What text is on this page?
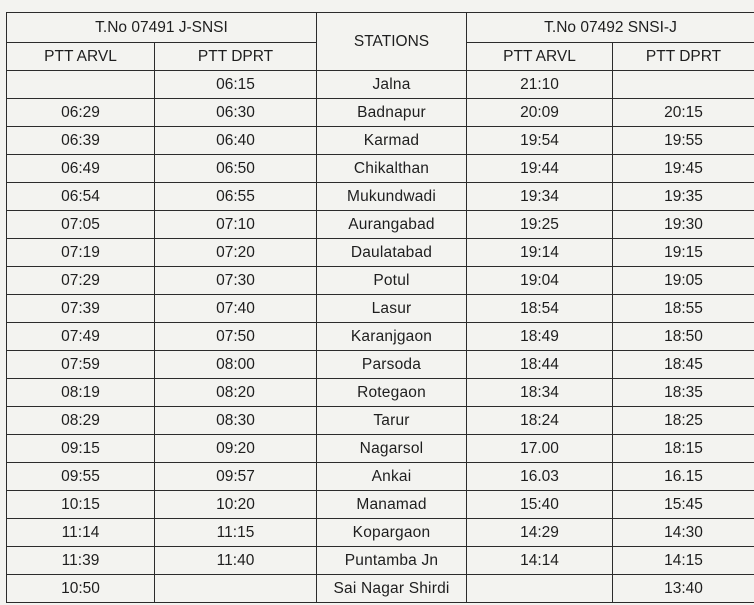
T.No 07491 J-SNSI		STATIONS	T.No 07492 SNSI-J	
PTT ARVL	PTT DPRT		PTT ARVL	PTT DPRT
	06:15	Jalna	21:10	
06:29	06:30	Badnapur	20:09	20:15
06:39	06:40	Karmad	19:54	19:55
06:49	06:50	Chikalthan	19:44	19:45
06:54	06:55	Mukundwadi	19:34	19:35
07:05	07:10	Aurangabad	19:25	19:30
07:19	07:20	Daulatabad	19:14	19:15
07:29	07:30	Potul	19:04	19:05
07:39	07:40	Lasur	18:54	18:55
07:49	07:50	Karanjgaon	18:49	18:50
07:59	08:00	Parsoda	18:44	18:45
08:19	08:20	Rotegaon	18:34	18:35
08:29	08:30	Tarur	18:24	18:25
09:15	09:20	Nagarsol	17.00	18:15
09:55	09:57	Ankai	16.03	16.15
10:15	10:20	Manamad	15:40	15:45
11:14	11:15	Kopargaon	14:29	14:30
11:39	11:40	Puntamba Jn	14:14	14:15
10:50		Sai Nagar Shirdi		13:40
